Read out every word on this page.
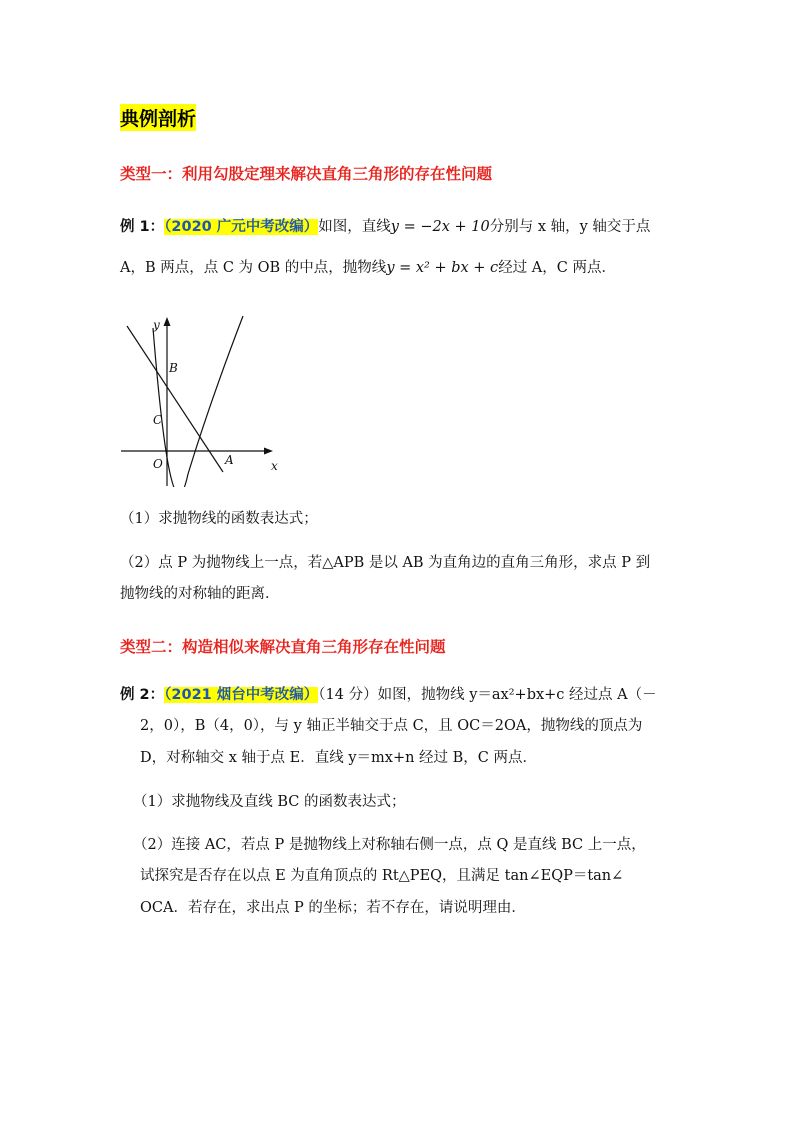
典例剖析
类型一：利用勾股定理来解决直角三角形的存在性问题
例 1：（2020 广元中考改编）如图，直线y = −2x + 10分别与 x 轴，y 轴交于点
A，B 两点，点 C 为 OB 的中点，抛物线y = x² + bx + c经过 A，C 两点．
y
B
C
O	A	x
（1）求抛物线的函数表达式；
（2）点 P 为抛物线上一点，若△APB 是以 AB 为直角边的直角三角形，求点 P 到
抛物线的对称轴的距离．
类型二：构造相似来解决直角三角形存在性问题
例 2：（2021 烟台中考改编）（14 分）如图，抛物线 y＝ax²+bx+c 经过点 A（－
2，0），B（4，0），与 y 轴正半轴交于点 C，且 OC＝2OA，抛物线的顶点为
D，对称轴交 x 轴于点 E．直线 y＝mx+n 经过 B，C 两点．
（1）求抛物线及直线 BC 的函数表达式；
（2）连接 AC，若点 P 是抛物线上对称轴右侧一点，点 Q 是直线 BC 上一点，
试探究是否存在以点 E 为直角顶点的 Rt△PEQ，且满足 tan∠EQP＝tan∠
OCA．若存在，求出点 P 的坐标；若不存在，请说明理由．
